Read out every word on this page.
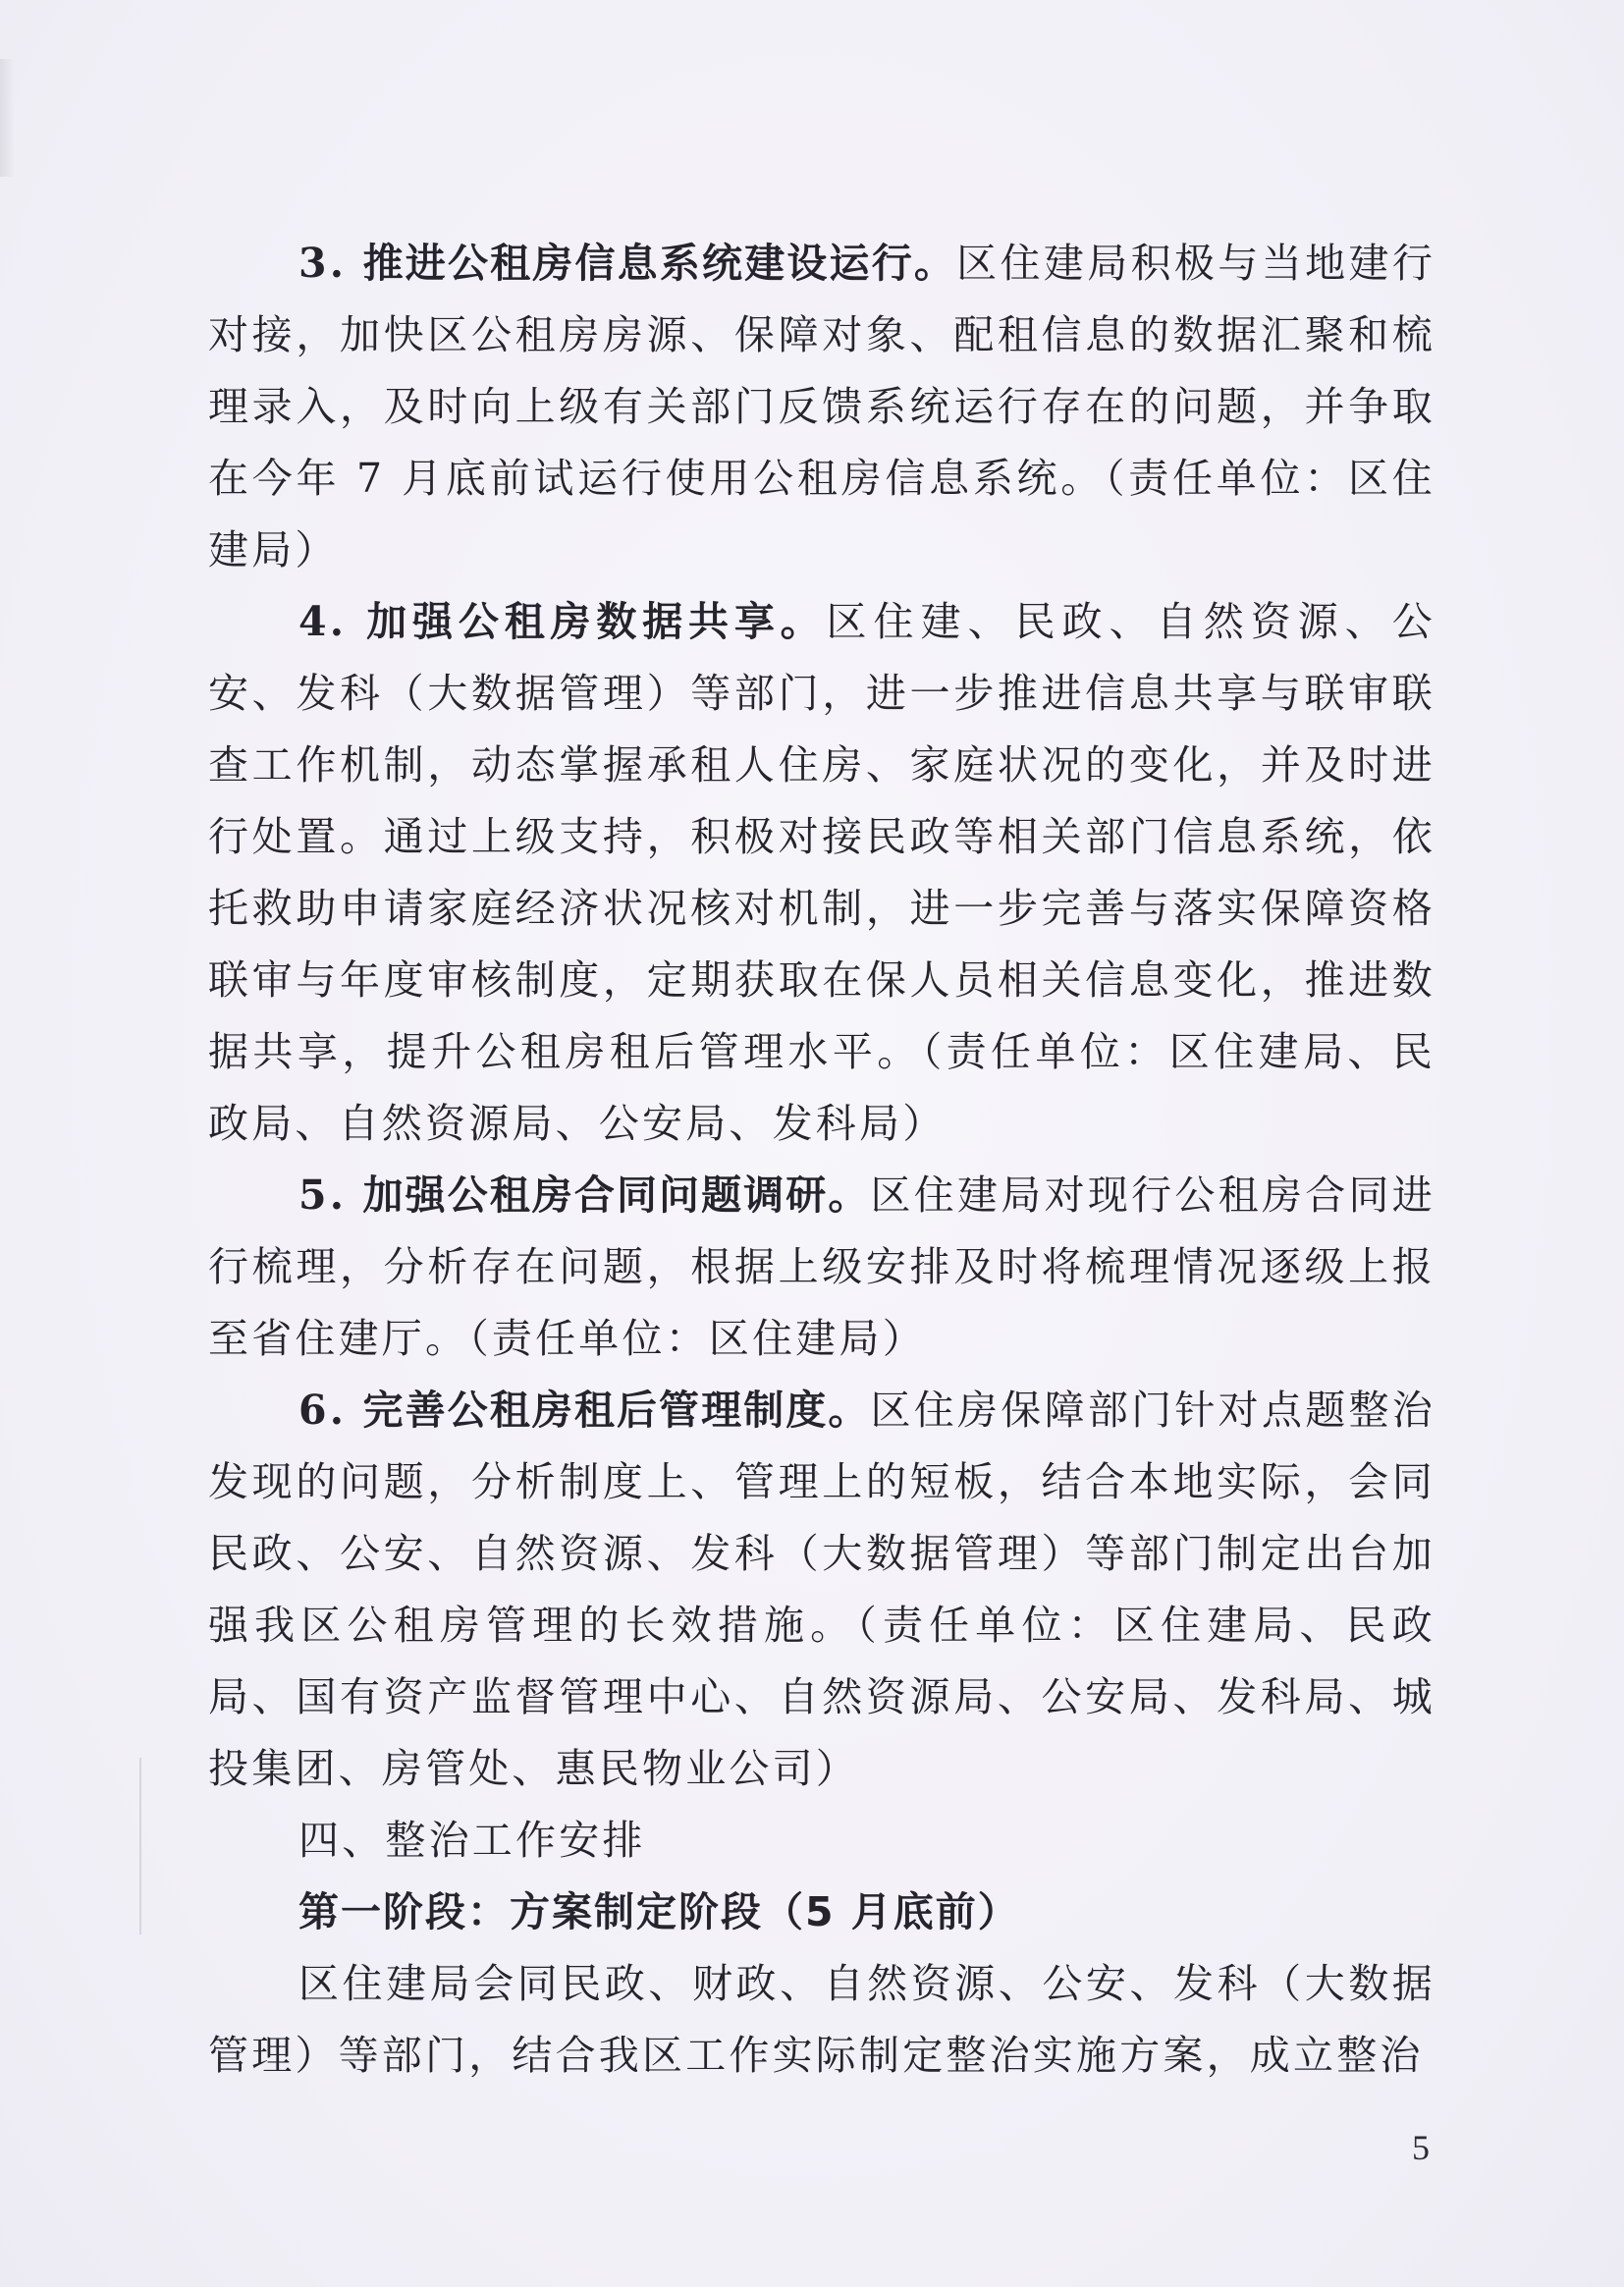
3. 推进公租房信息系统建设运行。区住建局积极与当地建行对接，加快区公租房房源、保障对象、配租信息的数据汇聚和梳理录入，及时向上级有关部门反馈系统运行存在的问题，并争取在今年 7 月底前试运行使用公租房信息系统。（责任单位：区住建局）

4. 加强公租房数据共享。区住建、民政、自然资源、公安、发科（大数据管理）等部门，进一步推进信息共享与联审联查工作机制，动态掌握承租人住房、家庭状况的变化，并及时进行处置。通过上级支持，积极对接民政等相关部门信息系统，依托救助申请家庭经济状况核对机制，进一步完善与落实保障资格联审与年度审核制度，定期获取在保人员相关信息变化，推进数据共享，提升公租房租后管理水平。（责任单位：区住建局、民政局、自然资源局、公安局、发科局）

5. 加强公租房合同问题调研。区住建局对现行公租房合同进行梳理，分析存在问题，根据上级安排及时将梳理情况逐级上报至省住建厅。（责任单位：区住建局）

6. 完善公租房租后管理制度。区住房保障部门针对点题整治发现的问题，分析制度上、管理上的短板，结合本地实际，会同民政、公安、自然资源、发科（大数据管理）等部门制定出台加强我区公租房管理的长效措施。（责任单位：区住建局、民政局、国有资产监督管理中心、自然资源局、公安局、发科局、城投集团、房管处、惠民物业公司）

四、整治工作安排

第一阶段：方案制定阶段（5 月底前）

区住建局会同民政、财政、自然资源、公安、发科（大数据管理）等部门，结合我区工作实际制定整治实施方案，成立整治

5
